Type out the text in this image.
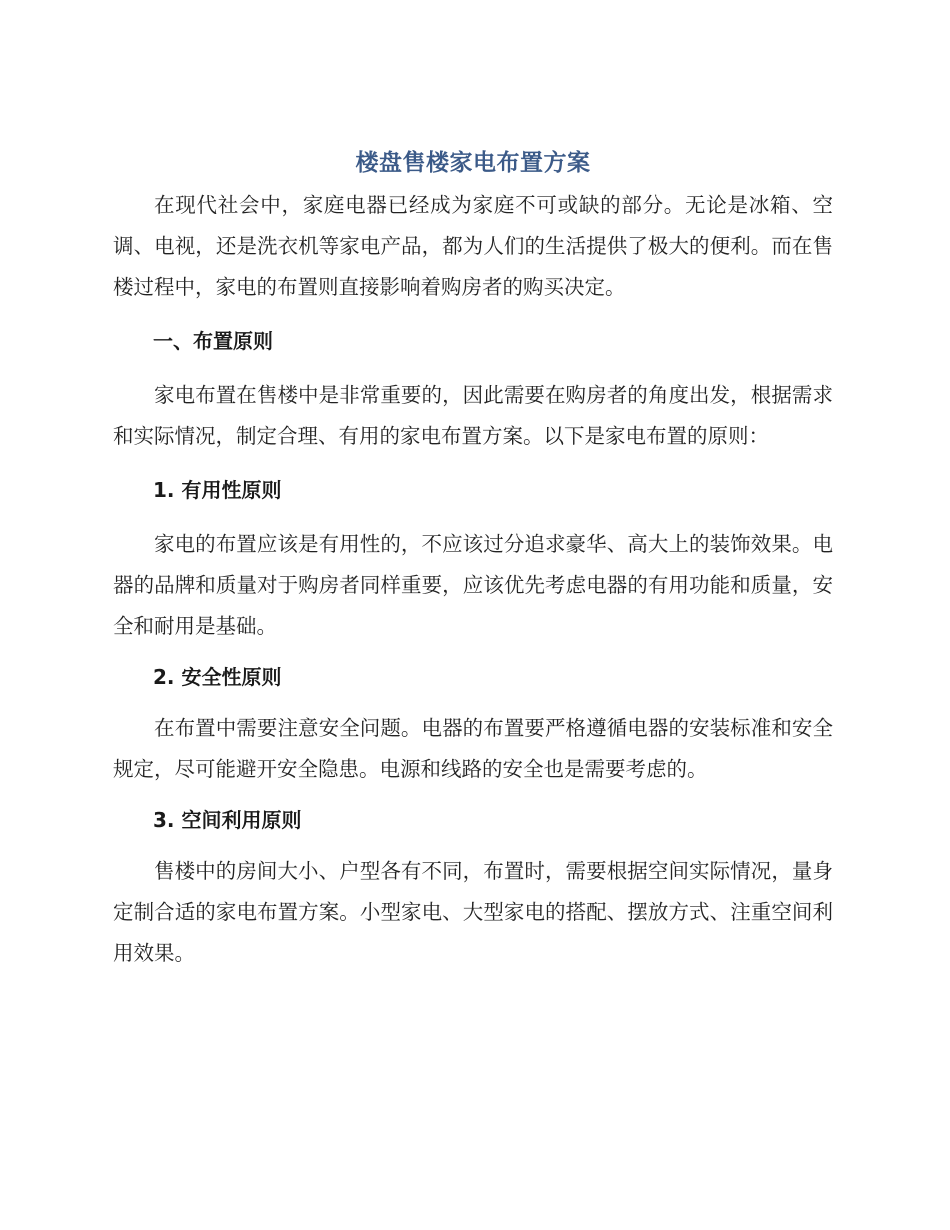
楼盘售楼家电布置方案

在现代社会中，家庭电器已经成为家庭不可或缺的部分。无论是冰箱、空调、电视，还是洗衣机等家电产品，都为人们的生活提供了极大的便利。而在售楼过程中，家电的布置则直接影响着购房者的购买决定。

一、布置原则

家电布置在售楼中是非常重要的，因此需要在购房者的角度出发，根据需求和实际情况，制定合理、有用的家电布置方案。以下是家电布置的原则：

1. 有用性原则

家电的布置应该是有用性的，不应该过分追求豪华、高大上的装饰效果。电器的品牌和质量对于购房者同样重要，应该优先考虑电器的有用功能和质量，安全和耐用是基础。

2. 安全性原则

在布置中需要注意安全问题。电器的布置要严格遵循电器的安装标准和安全规定，尽可能避开安全隐患。电源和线路的安全也是需要考虑的。

3. 空间利用原则

售楼中的房间大小、户型各有不同，布置时，需要根据空间实际情况，量身定制合适的家电布置方案。小型家电、大型家电的搭配、摆放方式、注重空间利用效果。
